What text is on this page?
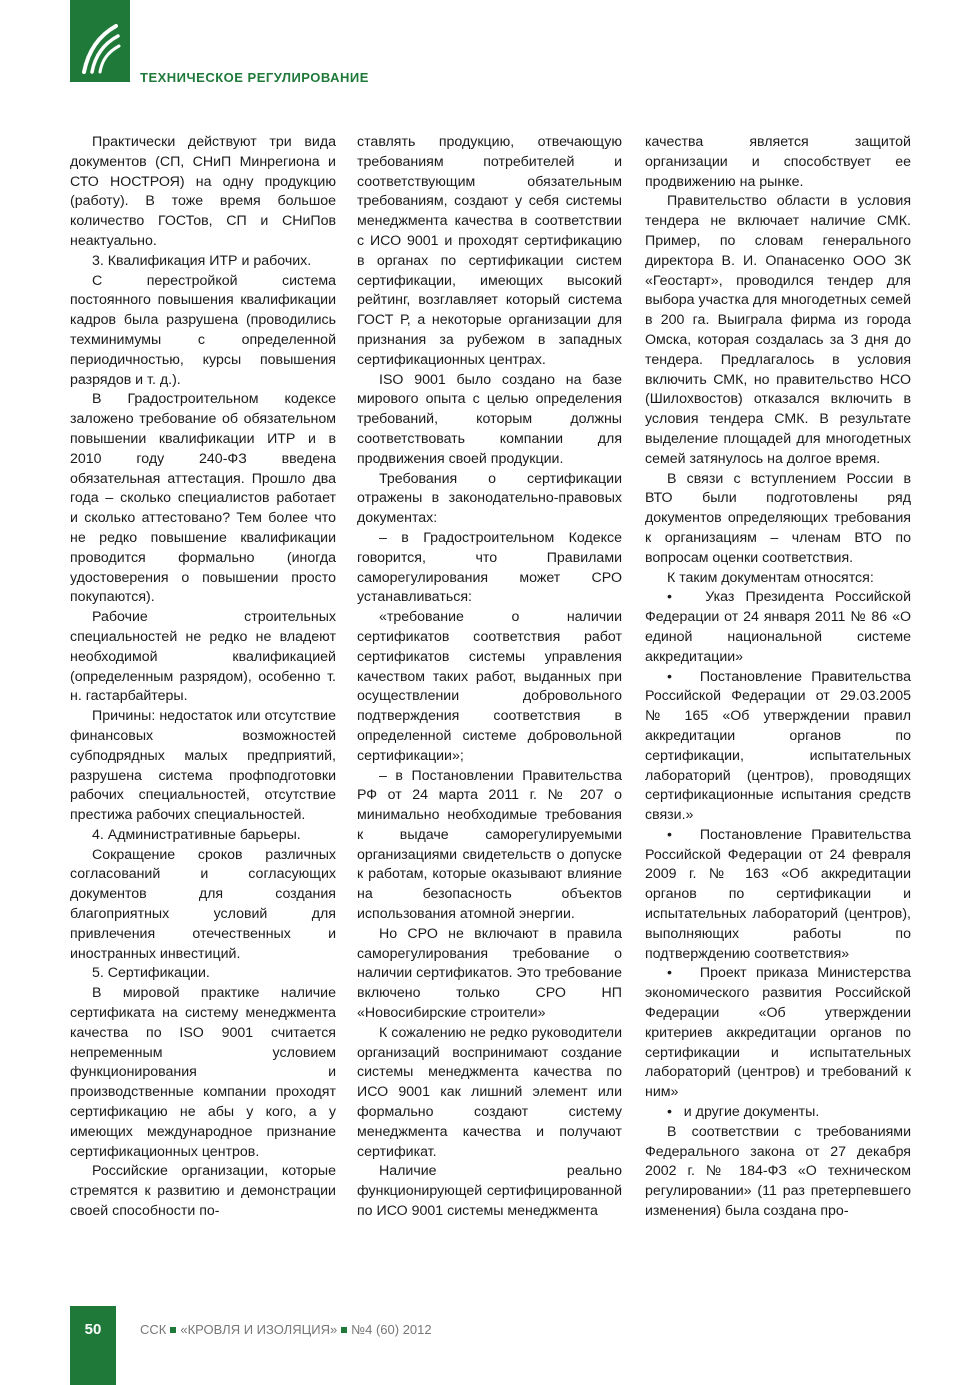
ТЕХНИЧЕСКОЕ РЕГУЛИРОВАНИЕ

Практически действуют три вида документов (СП, СНиП Минрегиона и СТО НОСТРОЯ) на одну продукцию (работу). В тоже время большое количество ГОСТов, СП и СНиПов неактуально.

3. Квалификация ИТР и рабочих.

С перестройкой система постоянного повышения квалификации кадров была разрушена (проводились техминимумы с определенной периодичностью, курсы повышения разрядов и т. д.).

В Градостроительном кодексе заложено требование об обязательном повышении квалификации ИТР и в 2010 году 240-ФЗ введена обязательная аттестация. Прошло два года – сколько специалистов работает и сколько аттестовано? Тем более что не редко повышение квалификации проводится формально (иногда удостоверения о повышении просто покупаются).

Рабочие строительных специальностей не редко не владеют необходимой квалификацией (определенным разрядом), особенно т. н. гастарбайтеры.

Причины: недостаток или отсутствие финансовых возможностей субподрядных малых предприятий, разрушена система профподготовки рабочих специальностей, отсутствие престижа рабочих специальностей.

4. Административные барьеры.

Сокращение сроков различных согласований и согласующих документов для создания благоприятных условий для привлечения отечественных и иностранных инвестиций.

5. Сертификации.

В мировой практике наличие сертификата на систему менеджмента качества по ISO 9001 считается непременным условием функционирования и производственные компании проходят сертификацию не абы у кого, а у имеющих международное признание сертификационных центров.

Российские организации, которые стремятся к развитию и демонстрации своей способности по-

ставлять продукцию, отвечающую требованиям потребителей и соответствующим обязательным требованиям, создают у себя системы менеджмента качества в соответствии с ИСО 9001 и проходят сертификацию в органах по сертификации систем сертификации, имеющих высокий рейтинг, возглавляет который система ГОСТ Р, а некоторые организации для признания за рубежом в западных сертификационных центрах.

ISO 9001 было создано на базе мирового опыта с целью определения требований, которым должны соответствовать компании для продвижения своей продукции.

Требования о сертификации отражены в законодательно-правовых документах:

– в Градостроительном Кодексе говорится, что Правилами саморегулирования может СРО устанавливаться:

«требование о наличии сертификатов соответствия работ сертификатов системы управления качеством таких работ, выданных при осуществлении добровольного подтверждения соответствия в определенной системе добровольной сертификации»;

– в Постановлении Правительства РФ от 24 марта 2011 г. № 207 о минимально необходимые требования к выдаче саморегулируемыми организациями свидетельств о допуске к работам, которые оказывают влияние на безопасность объектов использования атомной энергии.

Но СРО не включают в правила саморегулирования требование о наличии сертификатов. Это требование включено только СРО НП «Новосибирские строители»

К сожалению не редко руководители организаций воспринимают создание системы менеджмента качества по ИСО 9001 как лишний элемент или формально создают систему менеджмента качества и получают сертификат.

Наличие реально функционирующей сертифицированной по ИСО 9001 системы менеджмента

качества является защитой организации и способствует ее продвижению на рынке.

Правительство области в условия тендера не включает наличие СМК. Пример, по словам генерального директора В. И. Опанасенко ООО ЗК «Геостарт», проводился тендер для выбора участка для многодетных семей в 200 га. Выиграла фирма из города Омска, которая создалась за 3 дня до тендера. Предлагалось в условия включить СМК, но правительство НСО (Шилохвостов) отказался включить в условия тендера СМК. В результате выделение площадей для многодетных семей затянулось на долгое время.

В связи с вступлением России в ВТО были подготовлены ряд документов определяющих требования к организациям – членам ВТО по вопросам оценки соответствия.

К таким документам относятся:

•   Указ Президента Российской Федерации от 24 января 2011 № 86 «О единой национальной системе аккредитации»

•   Постановление Правительства Российской Федерации от 29.03.2005 № 165 «Об утверждении правил аккредитации органов по сертификации, испытательных лабораторий (центров), проводящих сертификационные испытания средств связи.»

•   Постановление Правительства Российской Федерации от 24 февраля 2009 г. № 163 «Об аккредитации органов по сертификации и испытательных лабораторий (центров), выполняющих работы по подтверждению соответствия»

•   Проект приказа Министерства экономического развития Российской Федерации «Об утверждении критериев аккредитации органов по сертификации и испытательных лабораторий (центров) и требований к ним»

•   и другие документы.

В соответствии с требованиями Федерального закона от 27 декабря 2002 г. № 184-ФЗ «О техническом регулировании» (11 раз претерпевшего изменения) была создана про-

50	ССК «КРОВЛЯ И ИЗОЛЯЦИЯ» №4 (60) 2012
